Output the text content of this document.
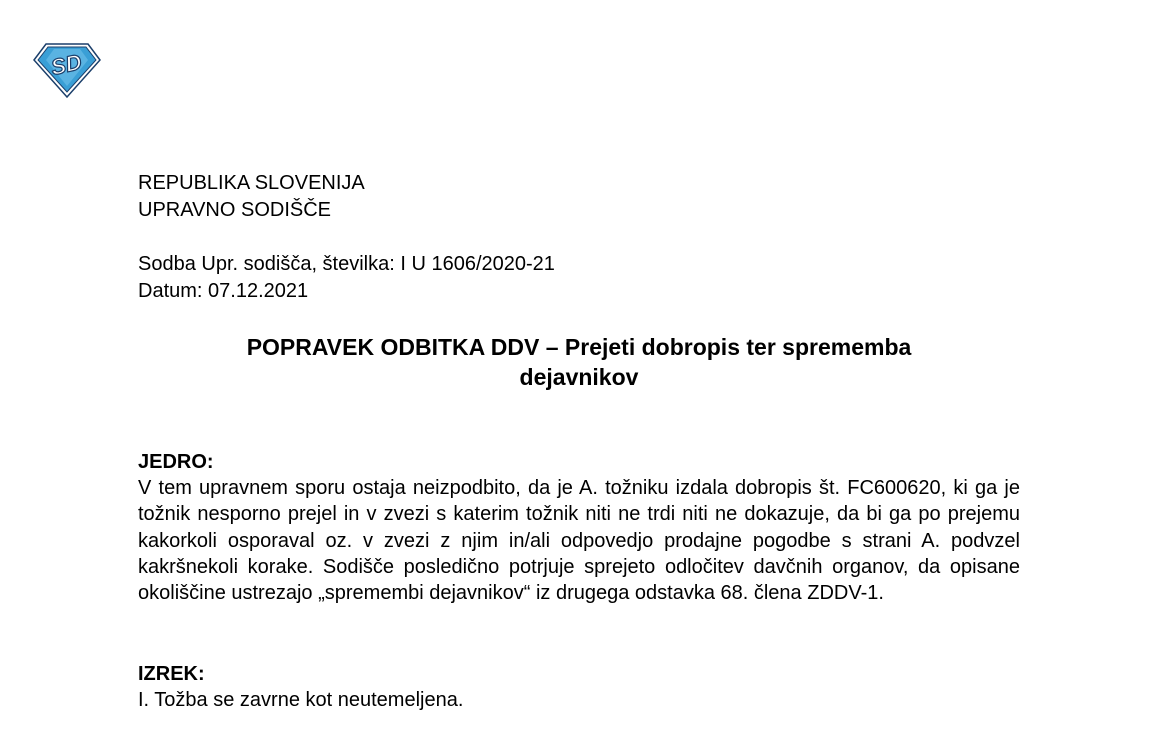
SD
REPUBLIKA SLOVENIJA
UPRAVNO SODIŠČE
Sodba Upr. sodišča, številka: I U 1606/2020-21
Datum: 07.12.2021
POPRAVEK ODBITKA DDV – Prejeti dobropis ter sprememba
dejavnikov
JEDRO:
V tem upravnem sporu ostaja neizpodbito, da je A. tožniku izdala dobropis št. FC600620, ki ga je tožnik nesporno prejel in v zvezi s katerim tožnik niti ne trdi niti ne dokazuje, da bi ga po prejemu kakorkoli osporaval oz. v zvezi z njim in/ali odpovedjo prodajne pogodbe s strani A. podvzel kakršnekoli korake. Sodišče posledično potrjuje sprejeto odločitev davčnih organov, da opisane okoliščine ustrezajo „spremembi dejavnikov“ iz drugega odstavka 68. člena ZDDV-1.
IZREK:
I. Tožba se zavrne kot neutemeljena.
